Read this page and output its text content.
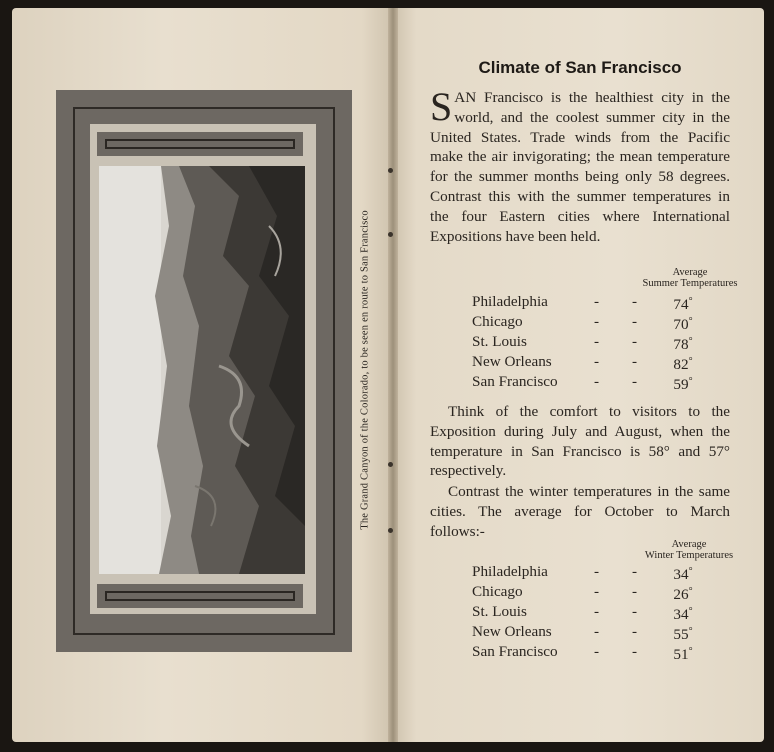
The Grand Canyon of the Colorado, to be seen en route to San Francisco
Climate of San Francisco
SAN Francisco is the healthiest city in the world, and the coolest summer city in the United States. Trade winds from the Pacific make the air invigorating; the mean temperature for the summer months being only 58 degrees. Contrast this with the summer temperatures in the four Eastern cities where International Expositions have been held.
Average
Summer Temperatures
Philadelphia	- -	74°
Chicago	- -	70°
St. Louis	- -	78°
New Orleans	- -	82°
San Francisco - -	59°
Think of the comfort to visitors to the Exposition during July and August, when the temperature in San Francisco is 58° and 57° respectively.
Contrast the winter temperatures in the same cities. The average for October to March follows:-
Average
Winter Temperatures
Philadelphia	- -	34°
Chicago	- -	26°
St. Louis	- -	34°
New Orleans	- -	55°
San Francisco - -	51°
